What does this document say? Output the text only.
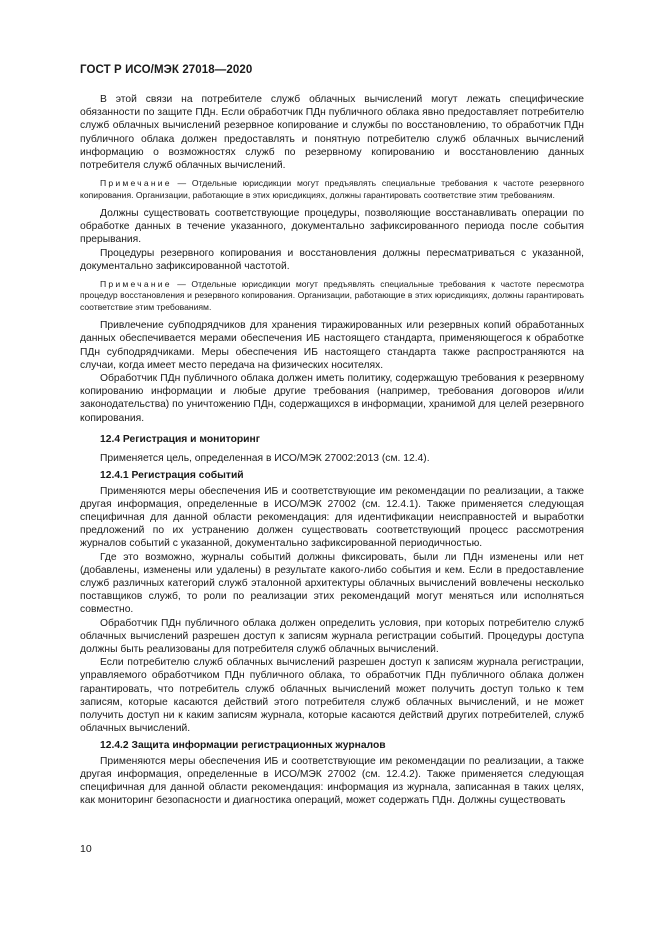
ГОСТ Р ИСО/МЭК 27018—2020

В этой связи на потребителе служб облачных вычислений могут лежать специфические обязанности по защите ПДн. Если обработчик ПДн публичного облака явно предоставляет потребителю служб облачных вычислений резервное копирование и службы по восстановлению, то обработчик ПДн публичного облака должен предоставлять и понятную потребителю служб облачных вычислений информацию о возможностях служб по резервному копированию и восстановлению данных потребителя служб облачных вычислений.

Примечание — Отдельные юрисдикции могут предъявлять специальные требования к частоте резервного копирования. Организации, работающие в этих юрисдикциях, должны гарантировать соответствие этим требованиям.

Должны существовать соответствующие процедуры, позволяющие восстанавливать операции по обработке данных в течение указанного, документально зафиксированного периода после события прерывания.

Процедуры резервного копирования и восстановления должны пересматриваться с указанной, документально зафиксированной частотой.

Примечание — Отдельные юрисдикции могут предъявлять специальные требования к частоте пересмотра процедур восстановления и резервного копирования. Организации, работающие в этих юрисдикциях, должны гарантировать соответствие этим требованиям.

Привлечение субподрядчиков для хранения тиражированных или резервных копий обработанных данных обеспечивается мерами обеспечения ИБ настоящего стандарта, применяющегося к обработке ПДн субподрядчиками. Меры обеспечения ИБ настоящего стандарта также распространяются на случаи, когда имеет место передача на физических носителях.

Обработчик ПДн публичного облака должен иметь политику, содержащую требования к резервному копированию информации и любые другие требования (например, требования договоров и/или законодательства) по уничтожению ПДн, содержащихся в информации, хранимой для целей резервного копирования.

12.4 Регистрация и мониторинг

Применяется цель, определенная в ИСО/МЭК 27002:2013 (см. 12.4).

12.4.1 Регистрация событий

Применяются меры обеспечения ИБ и соответствующие им рекомендации по реализации, а также другая информация, определенные в ИСО/МЭК 27002 (см. 12.4.1). Также применяется следующая специфичная для данной области рекомендация: для идентификации неисправностей и выработки предложений по их устранению должен существовать соответствующий процесс рассмотрения журналов событий с указанной, документально зафиксированной периодичностью.

Где это возможно, журналы событий должны фиксировать, были ли ПДн изменены или нет (добавлены, изменены или удалены) в результате какого-либо события и кем. Если в предоставление служб различных категорий служб эталонной архитектуры облачных вычислений вовлечены несколько поставщиков служб, то роли по реализации этих рекомендаций могут меняться или исполняться совместно.

Обработчик ПДн публичного облака должен определить условия, при которых потребителю служб облачных вычислений разрешен доступ к записям журнала регистрации событий. Процедуры доступа должны быть реализованы для потребителя служб облачных вычислений.

Если потребителю служб облачных вычислений разрешен доступ к записям журнала регистрации, управляемого обработчиком ПДн публичного облака, то обработчик ПДн публичного облака должен гарантировать, что потребитель служб облачных вычислений может получить доступ только к тем записям, которые касаются действий этого потребителя служб облачных вычислений, и не может получить доступ ни к каким записям журнала, которые касаются действий других потребителей, служб облачных вычислений.

12.4.2 Защита информации регистрационных журналов

Применяются меры обеспечения ИБ и соответствующие им рекомендации по реализации, а также другая информация, определенные в ИСО/МЭК 27002 (см. 12.4.2). Также применяется следующая специфичная для данной области рекомендация: информация из журнала, записанная в таких целях, как мониторинг безопасности и диагностика операций, может содержать ПДн. Должны существовать

10
